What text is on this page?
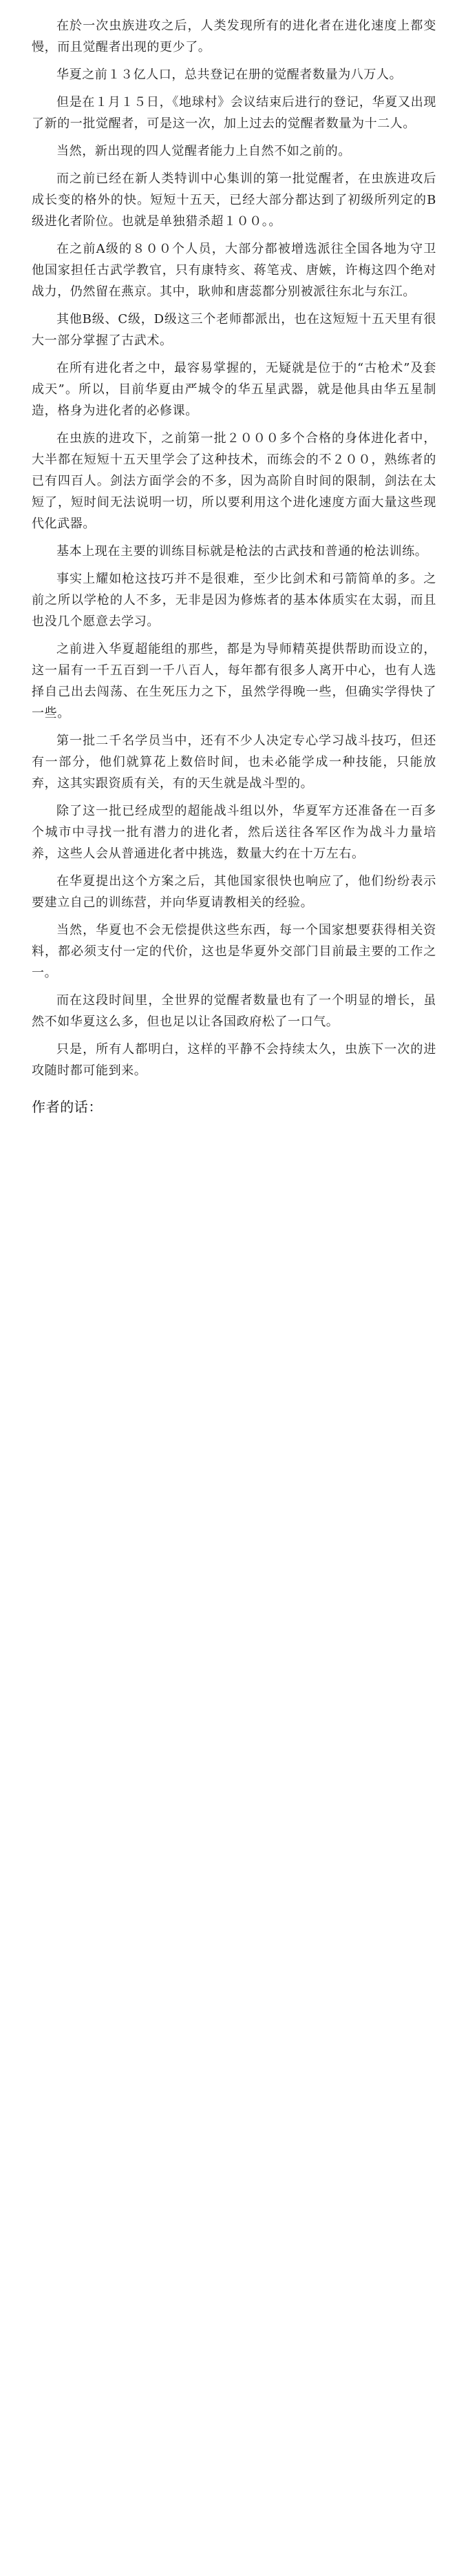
在於一次虫族进攻之后，人类发现所有的进化者在进化速度上都变慢，而且觉醒者出现的更少了。

华夏之前１３亿人口，总共登记在册的觉醒者数量为八万人。

但是在１月１５日，《地球村》会议结束后进行的登记，华夏又出现了新的一批觉醒者，可是这一次，加上过去的觉醒者数量为十二人。

当然，新出现的四人觉醒者能力上自然不如之前的。

而之前已经在新人类特训中心集训的第一批觉醒者，在虫族进攻后成长变的格外的快。短短十五天，已经大部分都达到了初级所列定的B级进化者阶位。也就是单独猎杀超１００。。

在之前A级的８００个人员，大部分都被增选派往全国各地为守卫他国家担任古武学教官，只有康特亥、蒋笔戎、唐嫉，许梅这四个绝对战力，仍然留在燕京。其中，耿帅和唐蕊都分别被派往东北与东江。

其他B级、C级，D级这三个老师都派出，也在这短短十五天里有很大一部分掌握了古武术。

在所有进化者之中，最容易掌握的，无疑就是位于的“古枪术”及套成天”。所以，目前华夏由严城令的华五星武器，就是他具由华五星制造，格身为进化者的必修课。

在虫族的进攻下，之前第一批２０００多个合格的身体进化者中，大半都在短短十五天里学会了这种技术，而练会的不２００，熟练者的已有四百人。剑法方面学会的不多，因为高阶自时间的限制，剑法在太短了，短时间无法说明一切，所以要利用这个进化速度方面大量这些现代化武器。

基本上现在主要的训练目标就是枪法的古武技和普通的枪法训练。

事实上耀如枪这技巧并不是很难，至少比剑术和弓箭简单的多。之前之所以学枪的人不多，无非是因为修炼者的基本体质实在太弱，而且也没几个愿意去学习。

之前进入华夏超能组的那些，都是为导师精英提供帮助而设立的，这一届有一千五百到一千八百人，每年都有很多人离开中心，也有人选择自己出去闯荡、在生死压力之下，虽然学得晚一些，但确实学得快了一些。

第一批二千名学员当中，还有不少人决定专心学习战斗技巧，但还有一部分，他们就算花上数倍时间，也未必能学成一种技能，只能放弃，这其实跟资质有关，有的天生就是战斗型的。

除了这一批已经成型的超能战斗组以外，华夏军方还准备在一百多个城市中寻找一批有潜力的进化者，然后送往各军区作为战斗力量培养，这些人会从普通进化者中挑选，数量大约在十万左右。

在华夏提出这个方案之后，其他国家很快也响应了，他们纷纷表示要建立自己的训练营，并向华夏请教相关的经验。

当然，华夏也不会无偿提供这些东西，每一个国家想要获得相关资料，都必须支付一定的代价，这也是华夏外交部门目前最主要的工作之一。

而在这段时间里，全世界的觉醒者数量也有了一个明显的增长，虽然不如华夏这么多，但也足以让各国政府松了一口气。

只是，所有人都明白，这样的平静不会持续太久，虫族下一次的进攻随时都可能到来。

作者的话：
